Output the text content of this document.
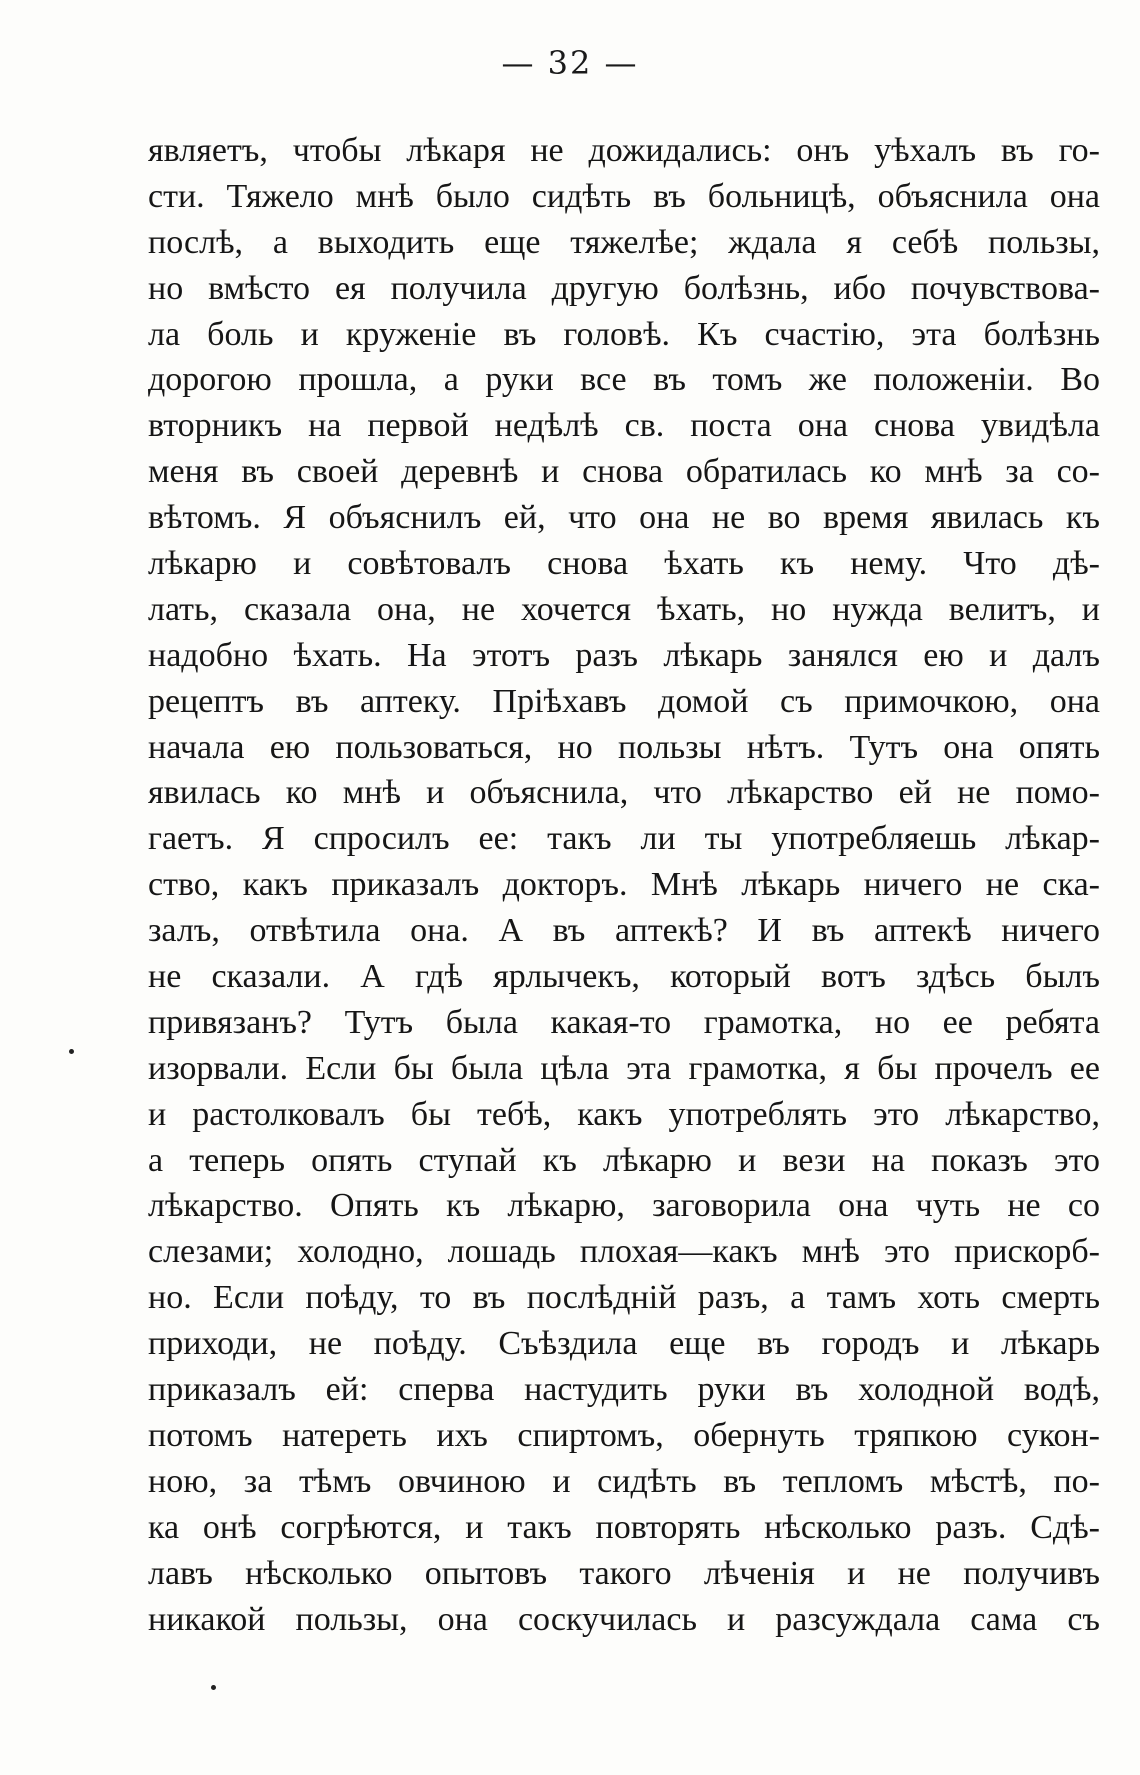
— 32 —
являетъ, чтобы лѣкаря не дожидались: онъ уѣхалъ въ го-
сти. Тяжело мнѣ было сидѣть въ больницѣ, объяснила она
послѣ, а выходить еще тяжелѣе; ждала я себѣ пользы,
но вмѣсто ея получила другую болѣзнь, ибо почувствова-
ла боль и круженіе въ головѣ. Къ счастію, эта болѣзнь
дорогою прошла, а руки все въ томъ же положеніи. Во
вторникъ на первой недѣлѣ св. поста она снова увидѣла
меня въ своей деревнѣ и снова обратилась ко мнѣ за со-
вѣтомъ. Я объяснилъ ей, что она не во время явилась къ
лѣкарю и совѣтовалъ снова ѣхать къ нему. Что дѣ-
лать, сказала она, не хочется ѣхать, но нужда велитъ, и
надобно ѣхать. На этотъ разъ лѣкарь занялся ею и далъ
рецептъ въ аптеку. Пріѣхавъ домой съ примочкою, она
начала ею пользоваться, но пользы нѣтъ. Тутъ она опять
явилась ко мнѣ и объяснила, что лѣкарство ей не помо-
гаетъ. Я спросилъ ее: такъ ли ты употребляешь лѣкар-
ство, какъ приказалъ докторъ. Мнѣ лѣкарь ничего не ска-
залъ, отвѣтила она. А въ аптекѣ? И въ аптекѣ ничего
не сказали. А гдѣ ярлычекъ, который вотъ здѣсь былъ
привязанъ? Тутъ была какая-то грамотка, но ее ребята
изорвали. Если бы была цѣла эта грамотка, я бы прочелъ ее
и растолковалъ бы тебѣ, какъ употреблять это лѣкарство,
а теперь опять ступай къ лѣкарю и вези на показъ это
лѣкарство. Опять къ лѣкарю, заговорила она чуть не со
слезами; холодно, лошадь плохая—какъ мнѣ это прискорб-
но. Если поѣду, то въ послѣдній разъ, а тамъ хоть смерть
приходи, не поѣду. Съѣздила еще въ городъ и лѣкарь
приказалъ ей: сперва настудить руки въ холодной водѣ,
потомъ натереть ихъ спиртомъ, обернуть тряпкою сукон-
ною, за тѣмъ овчиною и сидѣть въ тепломъ мѣстѣ, по-
ка онѣ согрѣются, и такъ повторять нѣсколько разъ. Сдѣ-
лавъ нѣсколько опытовъ такого лѣченія и не получивъ
никакой пользы, она соскучилась и разсуждала сама съ
